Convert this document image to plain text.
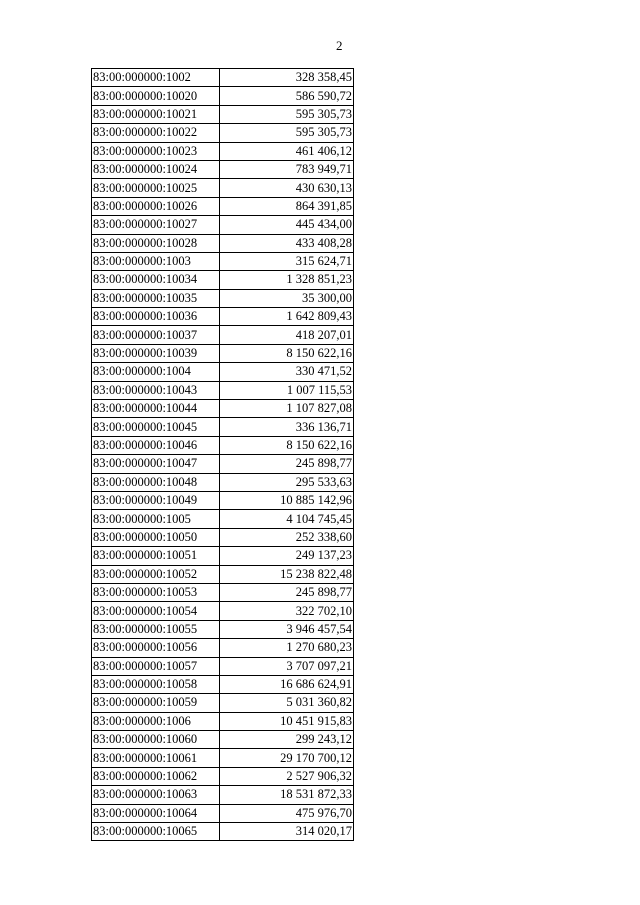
2
83:00:000000:1002	328 358,45
83:00:000000:10020	586 590,72
83:00:000000:10021	595 305,73
83:00:000000:10022	595 305,73
83:00:000000:10023	461 406,12
83:00:000000:10024	783 949,71
83:00:000000:10025	430 630,13
83:00:000000:10026	864 391,85
83:00:000000:10027	445 434,00
83:00:000000:10028	433 408,28
83:00:000000:1003	315 624,71
83:00:000000:10034	1 328 851,23
83:00:000000:10035	35 300,00
83:00:000000:10036	1 642 809,43
83:00:000000:10037	418 207,01
83:00:000000:10039	8 150 622,16
83:00:000000:1004	330 471,52
83:00:000000:10043	1 007 115,53
83:00:000000:10044	1 107 827,08
83:00:000000:10045	336 136,71
83:00:000000:10046	8 150 622,16
83:00:000000:10047	245 898,77
83:00:000000:10048	295 533,63
83:00:000000:10049	10 885 142,96
83:00:000000:1005	4 104 745,45
83:00:000000:10050	252 338,60
83:00:000000:10051	249 137,23
83:00:000000:10052	15 238 822,48
83:00:000000:10053	245 898,77
83:00:000000:10054	322 702,10
83:00:000000:10055	3 946 457,54
83:00:000000:10056	1 270 680,23
83:00:000000:10057	3 707 097,21
83:00:000000:10058	16 686 624,91
83:00:000000:10059	5 031 360,82
83:00:000000:1006	10 451 915,83
83:00:000000:10060	299 243,12
83:00:000000:10061	29 170 700,12
83:00:000000:10062	2 527 906,32
83:00:000000:10063	18 531 872,33
83:00:000000:10064	475 976,70
83:00:000000:10065	314 020,17
